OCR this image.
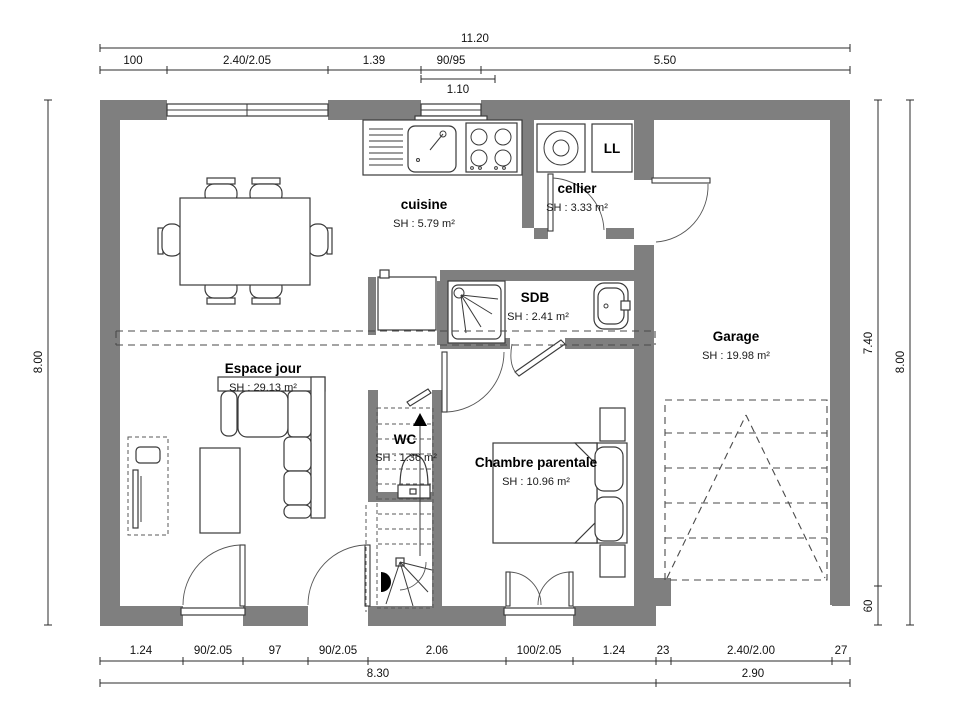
LL
cuisine
SH : 5.79 m²
cellier
SH : 3.33 m²
SDB
SH : 2.41 m²
Garage
SH : 19.98 m²
Espace jour
SH : 29.13 m²
WC
SH : 1.36 m²	Chambre parentale
SH : 10.96 m²
11.20
100	2.40/2.05	1.39	90/95	5.50
1.10
1.24	90/2.05	97	90/2.05	2.06	100/2.05	1.24	23	2.40/2.00	27
8.30	2.90
8.00
7.40
60
8.00
